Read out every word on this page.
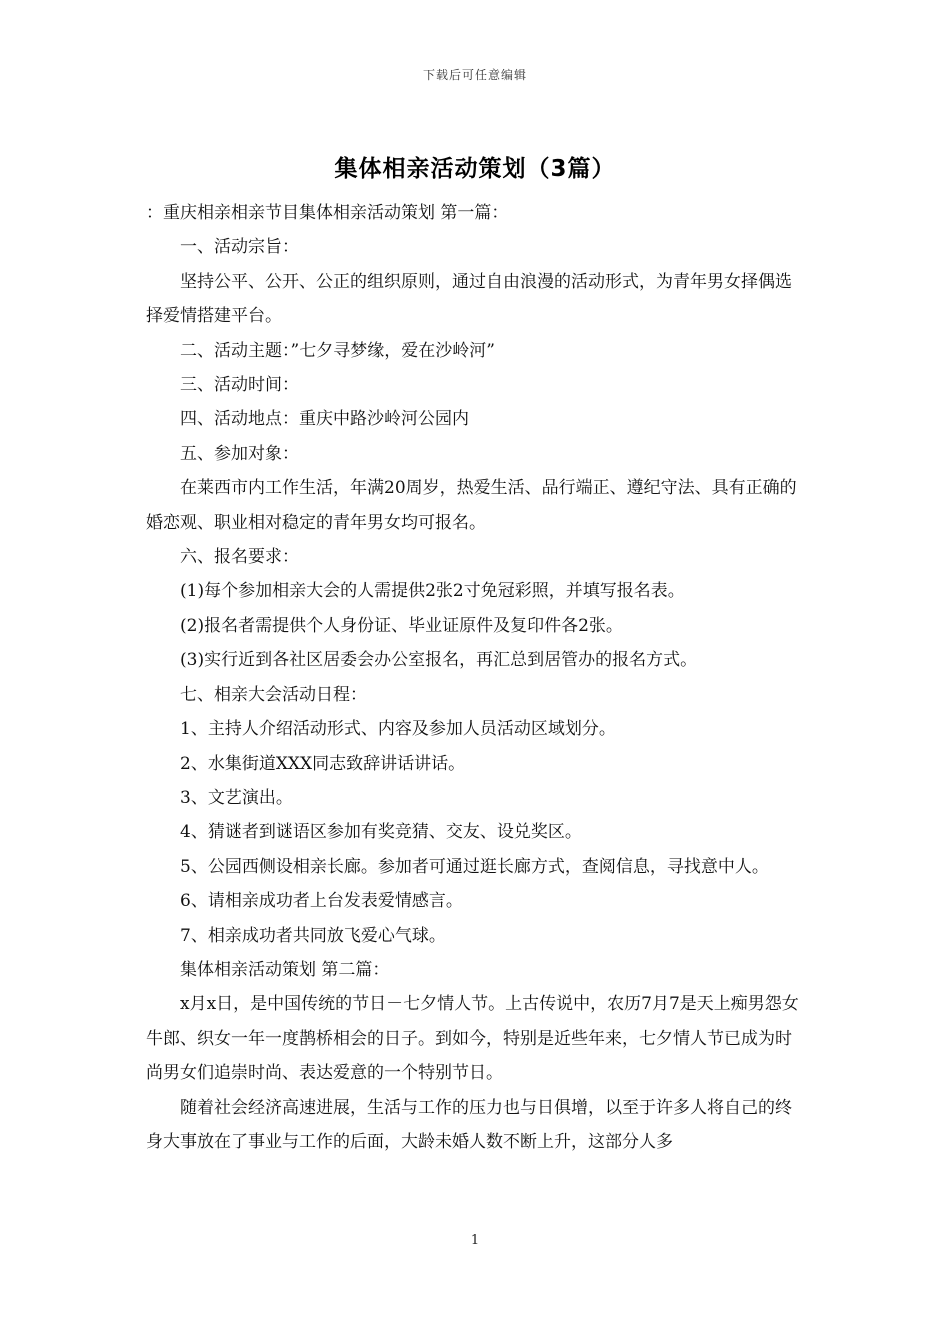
下载后可任意编辑
集体相亲活动策划（3篇）

：重庆相亲相亲节目集体相亲活动策划 第一篇：

一、活动宗旨：

坚持公平、公开、公正的组织原则，通过自由浪漫的活动形式，为青年男女择偶选择爱情搭建平台。

二、活动主题：”七夕寻梦缘，爱在沙岭河”

三、活动时间：

四、活动地点：重庆中路沙岭河公园内

五、参加对象：

在莱西市内工作生活，年满20周岁，热爱生活、品行端正、遵纪守法、具有正确的婚恋观、职业相对稳定的青年男女均可报名。

六、报名要求：

(1)每个参加相亲大会的人需提供2张2寸免冠彩照，并填写报名表。

(2)报名者需提供个人身份证、毕业证原件及复印件各2张。

(3)实行近到各社区居委会办公室报名，再汇总到居管办的报名方式。

七、相亲大会活动日程：

1、主持人介绍活动形式、内容及参加人员活动区域划分。

2、水集街道XXX同志致辞讲话讲话。

3、文艺演出。

4、猜谜者到谜语区参加有奖竞猜、交友、设兑奖区。

5、公园西侧设相亲长廊。参加者可通过逛长廊方式，查阅信息，寻找意中人。

6、请相亲成功者上台发表爱情感言。

7、相亲成功者共同放飞爱心气球。

集体相亲活动策划 第二篇：

x月x日，是中国传统的节日－七夕情人节。上古传说中，农历7月7是天上痴男怨女牛郎、织女一年一度鹊桥相会的日子。到如今，特别是近些年来，七夕情人节已成为时尚男女们追崇时尚、表达爱意的一个特别节日。

随着社会经济高速进展，生活与工作的压力也与日俱增，以至于许多人将自己的终身大事放在了事业与工作的后面，大龄未婚人数不断上升，这部分人多

1
